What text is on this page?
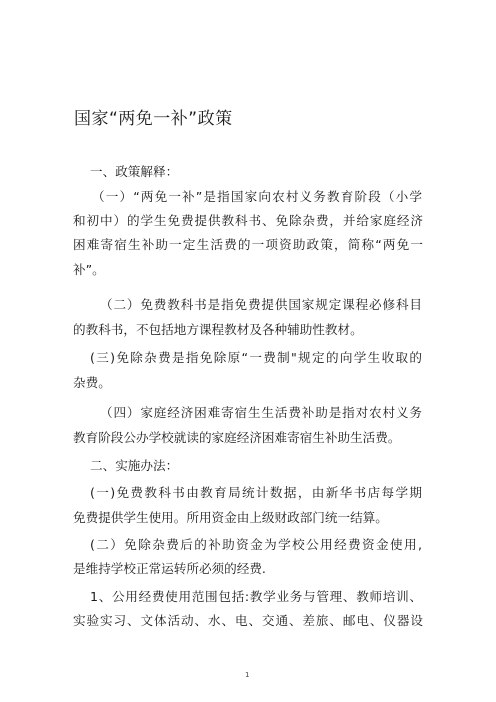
国家“两免一补”政策
一、政策解释：
（一）“两免一补”是指国家向农村义务教育阶段（小学
和初中）的学生免费提供教科书、免除杂费，并给家庭经济
困难寄宿生补助一定生活费的一项资助政策，简称“两免一
补”。
（二）免费教科书是指免费提供国家规定课程必修科目
的教科书，不包括地方课程教材及各种辅助性教材。
(三)免除杂费是指免除原“一费制"规定的向学生收取的
杂费。
（四）家庭经济困难寄宿生生活费补助是指对农村义务
教育阶段公办学校就读的家庭经济困难寄宿生补助生活费。
二、实施办法：
(一)免费教科书由教育局统计数据，由新华书店每学期
免费提供学生使用。所用资金由上级财政部门统一结算。
(二）免除杂费后的补助资金为学校公用经费资金使用,
是维持学校正常运转所必须的经费.
1、公用经费使用范围包括:教学业务与管理、教师培训、
实验实习、文体活动、水、电、交通、差旅、邮电、仪器设
1
